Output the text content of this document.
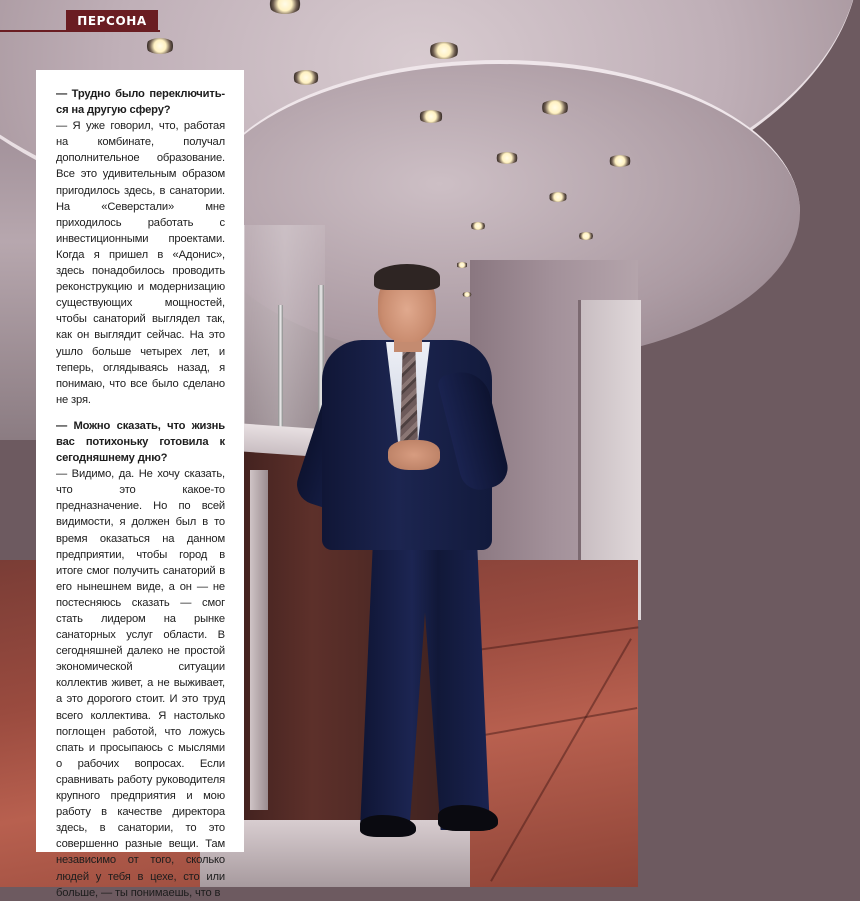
ПЕРСОНА

— Трудно было переключить-ся на другую сферу?
— Я уже говорил, что, работая на комбинате, получал дополнительное образование. Все это удивительным образом пригодилось здесь, в санатории. На «Северстали» мне приходилось работать с инвестиционными проектами. Когда я пришел в «Адонис», здесь понадобилось проводить реконструкцию и модернизацию существующих мощностей, чтобы санаторий выглядел так, как он выглядит сейчас. На это ушло больше четырех лет, и теперь, оглядываясь назад, я понимаю, что все было сделано не зря.
— Можно сказать, что жизнь вас потихоньку готовила к сегодняшнему дню?
— Видимо, да. Не хочу сказать, что это какое-то предназначение. Но по всей видимости, я должен был в то время оказаться на данном предприятии, чтобы город в итоге смог получить санаторий в его нынешнем виде, а он — не постесняюсь сказать — смог стать лидером на рынке санаторных услуг области. В сегодняшней далеко не простой экономической ситуации коллектив живет, а не выживает, а это дорогого стоит. И это труд всего коллектива. Я настолько поглощен работой, что ложусь спать и просыпаюсь с мыслями о рабочих вопросах. Если сравнивать работу руководителя крупного предприятия и мою работу в качестве директора здесь, в санатории, то это совершенно разные вещи. Там независимо от того, сколько людей у тебя в цехе, сто или больше, — ты понимаешь, что в
